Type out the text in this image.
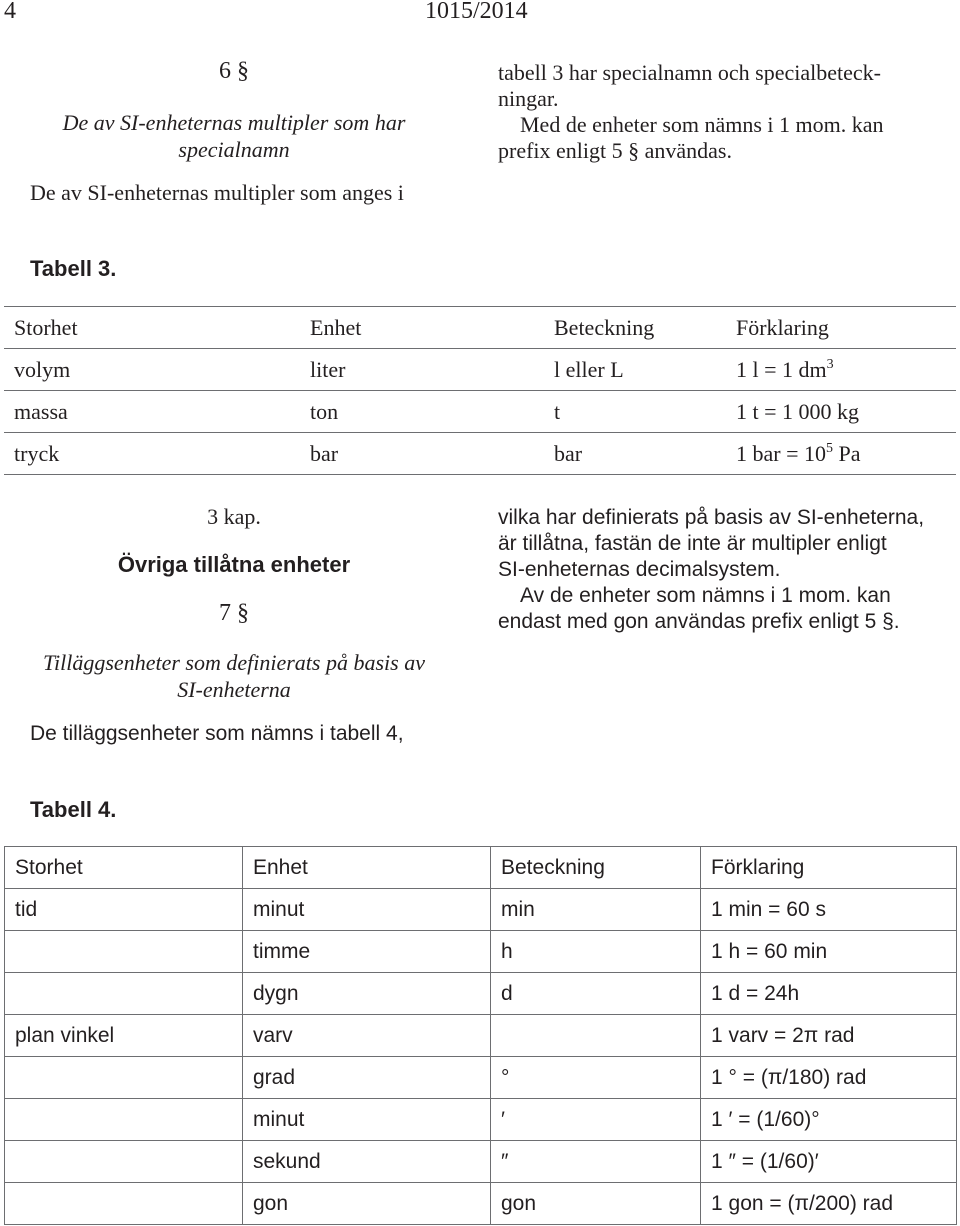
4	1015/2014
6 §
De av SI-enheternas multipler som har
specialnamn
De av SI-enheternas multipler som anges i
tabell 3 har specialnamn och specialbeteck-
ningar.
Med de enheter som nämns i 1 mom. kan
prefix enligt 5 § användas.
Tabell 3.
Storhet	Enhet	Beteckning	Förklaring
volym	liter	l eller L	1 l = 1 $dm^3$
massa	ton	t	1 t = 1 000 kg
tryck	bar	bar	1 bar = $10^5$ Pa
3 kap.
Övriga tillåtna enheter
7 §
Tilläggsenheter som definierats på basis av
SI-enheterna
De tilläggsenheter som nämns i tabell 4,
vilka har definierats på basis av SI-enheterna,
är tillåtna, fastän de inte är multipler enligt
SI-enheternas decimalsystem.
Av de enheter som nämns i 1 mom. kan
endast med gon användas prefix enligt 5 §.
Tabell 4.
Storhet	Enhet	Beteckning	Förklaring
tid	minut	min	1 min = 60 s
	timme	h	1 h = 60 min
	dygn	d	1 d = 24h
plan vinkel	varv		1 varv = 2π rad
	grad	°	1 ° = (π/180) rad
	minut	′	1 ′ = (1/60)°
	sekund	″	1 ″ = (1/60)′
	gon	gon	1 gon = (π/200) rad
